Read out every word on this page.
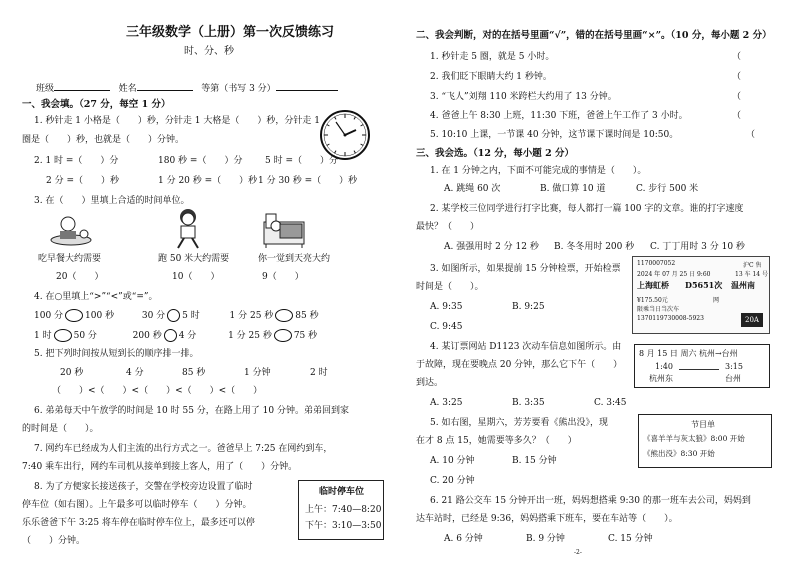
三年级数学（上册）第一次反馈练习
时、分、秒
班级	姓名	等第（书写 3 分）
一、我会填。（27 分，每空 1 分）
1. 秒针走 1 小格是（　　）秒，分针走 1 大格是（　　）秒，分针走 1
圈是（　　）秒，也就是（　　）分钟。
2. 1 时 =（　　）分	180 秒 =（　　）分	5 时 =（　　）分
2 分 =（　　）秒	1 分 20 秒 =（　　）秒 1 分 30 秒 =（　　）秒
3. 在（　　）里填上合适的时间单位。
吃早餐大约需要	跑 50 米大约需要	你一觉到天亮大约
20（　　）	10（　　）	9（　　）
4. 在○里填上“>”“<”或“=”。
100 分 100 秒	30 分 5 时	1 分 25 秒 85 秒
1 时 50 分	200 秒 4 分	1 分 25 秒 75 秒
5. 把下列时间按从短到长的顺序排一排。
20 秒	4 分	85 秒	1 分钟	2 时
（　　）<（　　）<（　　）<（　　）<（　　）
6. 弟弟每天中午放学的时间是 10 时 55 分，在路上用了 10 分钟。弟弟回到家
的时间是（　　）。
7. 网约车已经成为人们主流的出行方式之一。爸爸早上 7:25 在网约到车，
7:40 乘车出行，网约车司机从接单到接上客人，用了（　　）分钟。
8. 为了方便家长接送孩子，交警在学校旁边设置了临时
停车位（如右图）。上午最多可以临时停车（　　）分钟。
乐乐爸爸下午 3:25 将车停在临时停车位上，最多还可以停
（　　）分钟。
临时停车位
上午：7:40—8:20
下午：3:10—3:50
二、我会判断，对的在括号里画“√”，错的在括号里画“×”。（10 分，每小题 2 分）
1. 秒针走 5 圈，就是 5 小时。
2. 我们眨下眼睛大约 1 秒钟。
3. “飞人”刘翔 110 米跨栏大约用了 13 分钟。
4. 爸爸上午 8:30 上班，11:30 下班，爸爸上午工作了 3 小时。
5. 10:10 上课，一节课 40 分钟，这节课下课时间是 10:50。
（
（
（
（
（
三、我会选。（12 分，每小题 2 分）
1. 在 1 分钟之内，下面不可能完成的事情是（　　）。
A. 跳绳 60 次	B. 做口算 10 道	C. 步行 500 米
2. 某学校三位同学进行打字比赛，每人都打一篇 100 字的文章。谁的打字速度
最快？（　　）
A. 强强用时 2 分 12 秒 B. 冬冬用时 200 秒 C. 丁丁用时 3 分 10 秒
3. 如图所示，如果提前 15 分钟检票，开始检票
时间是（　　）。
A. 9:35	B. 9:25
C. 9:45
1170007052	沪C 售
2024 年 07 月 25 日 9:60	13 车 14 号
上海虹桥 D5651次 温州南
¥175.50元	网
限乘当日当次车
1370119730008-5923	20A
4. 某订票网站 D1123 次动车信息如图所示。由
于故障，现在要晚点 20 分钟，那么它下午（　　）
到达。
A. 3:25	B. 3:35	C. 3:45
8 月 15 日 周六 杭州→台州
1:40	3:15
杭州东	台州
5. 如右图，星期六，芳芳要看《熊出没》，现
在才 8 点 15，她需要等多久？（　　）
A. 10 分钟	B. 15 分钟
C. 20 分钟
节目单
《喜羊羊与灰太狼》8:00 开始
《熊出没》8:30 开始
6. 21 路公交车 15 分钟开出一班，妈妈想搭乘 9:30 的那一班车去公司，妈妈到
达车站时，已经是 9:36，妈妈搭乘下班车，要在车站等（　　）。
A. 6 分钟	B. 9 分钟	C. 15 分钟
-2-
